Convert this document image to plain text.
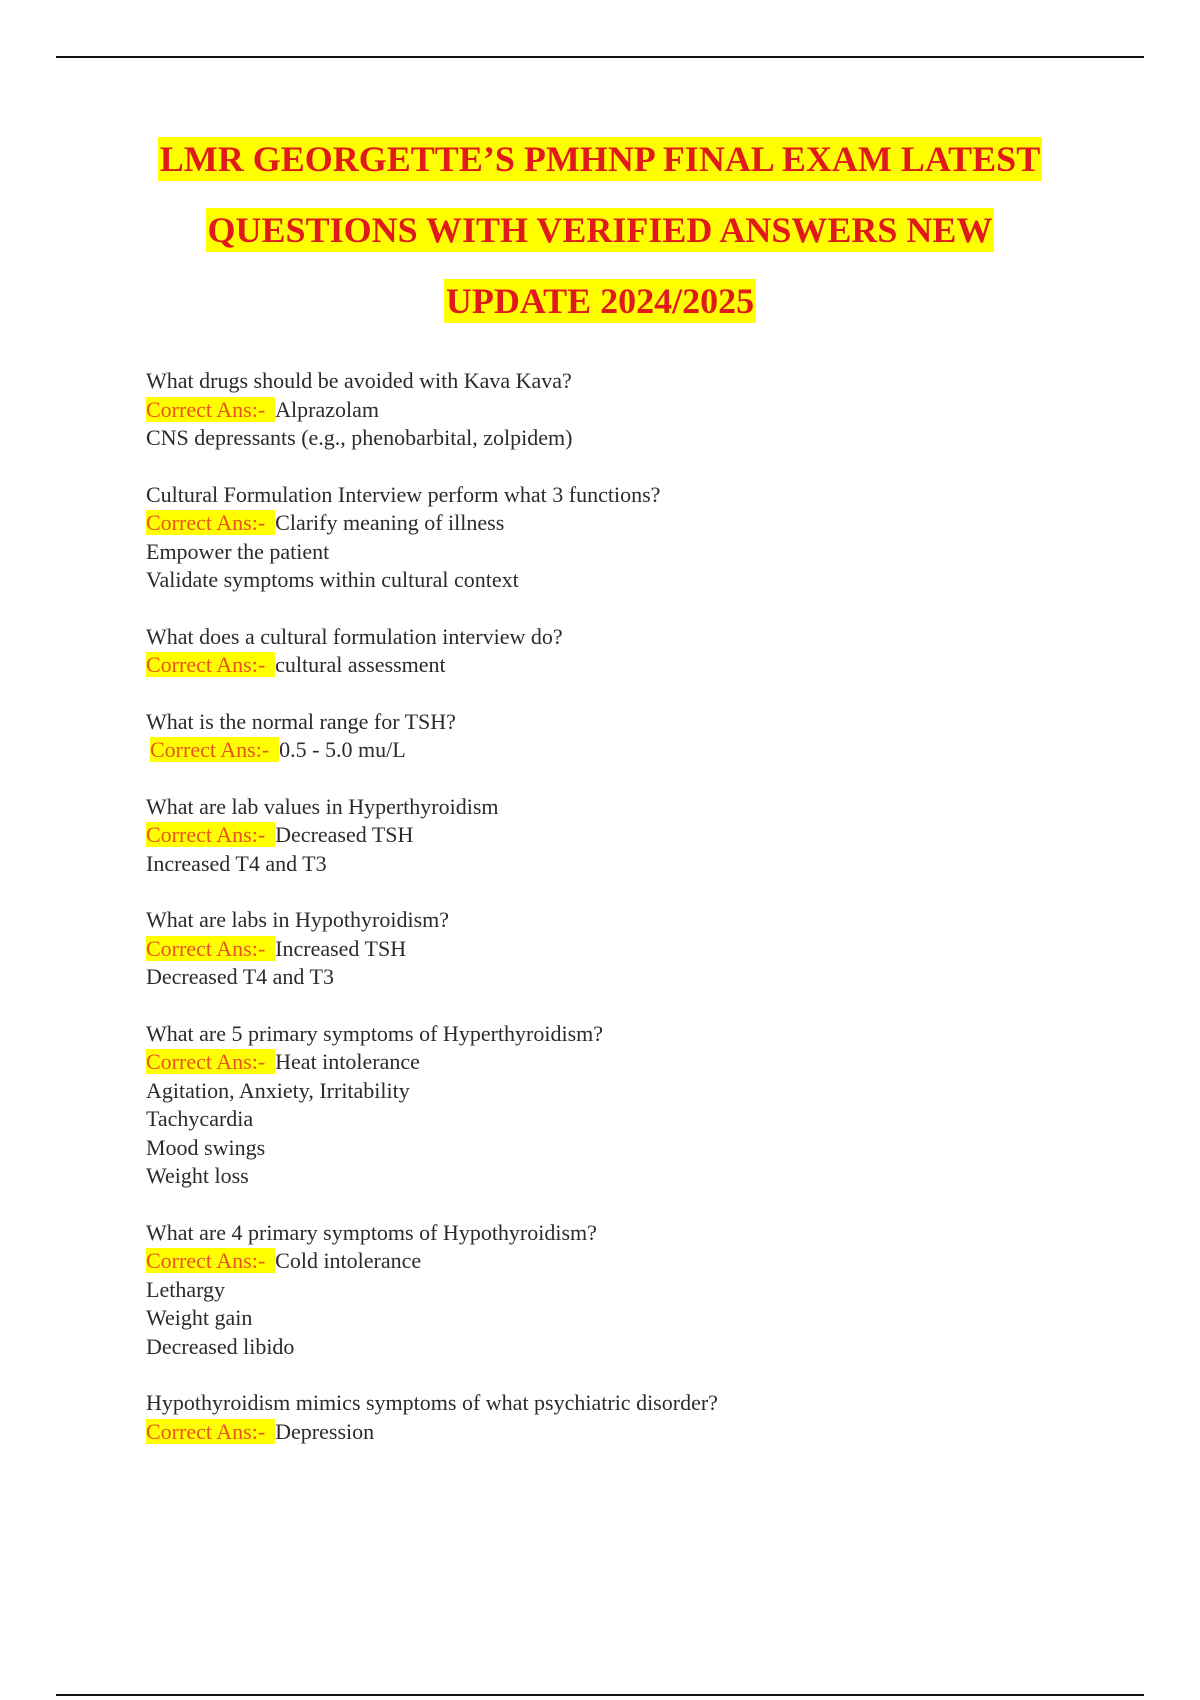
LMR GEORGETTE’S PMHNP FINAL EXAM LATEST
QUESTIONS WITH VERIFIED ANSWERS NEW
UPDATE 2024/2025
What drugs should be avoided with Kava Kava?
Correct Ans:- Alprazolam
CNS depressants (e.g., phenobarbital, zolpidem)
Cultural Formulation Interview perform what 3 functions?
Correct Ans:- Clarify meaning of illness
Empower the patient
Validate symptoms within cultural context
What does a cultural formulation interview do?
Correct Ans:- cultural assessment
What is the normal range for TSH?
Correct Ans:- 0.5 - 5.0 mu/L
What are lab values in Hyperthyroidism
Correct Ans:- Decreased TSH
Increased T4 and T3
What are labs in Hypothyroidism?
Correct Ans:- Increased TSH
Decreased T4 and T3
What are 5 primary symptoms of Hyperthyroidism?
Correct Ans:- Heat intolerance
Agitation, Anxiety, Irritability
Tachycardia
Mood swings
Weight loss
What are 4 primary symptoms of Hypothyroidism?
Correct Ans:- Cold intolerance
Lethargy
Weight gain
Decreased libido
Hypothyroidism mimics symptoms of what psychiatric disorder?
Correct Ans:- Depression
